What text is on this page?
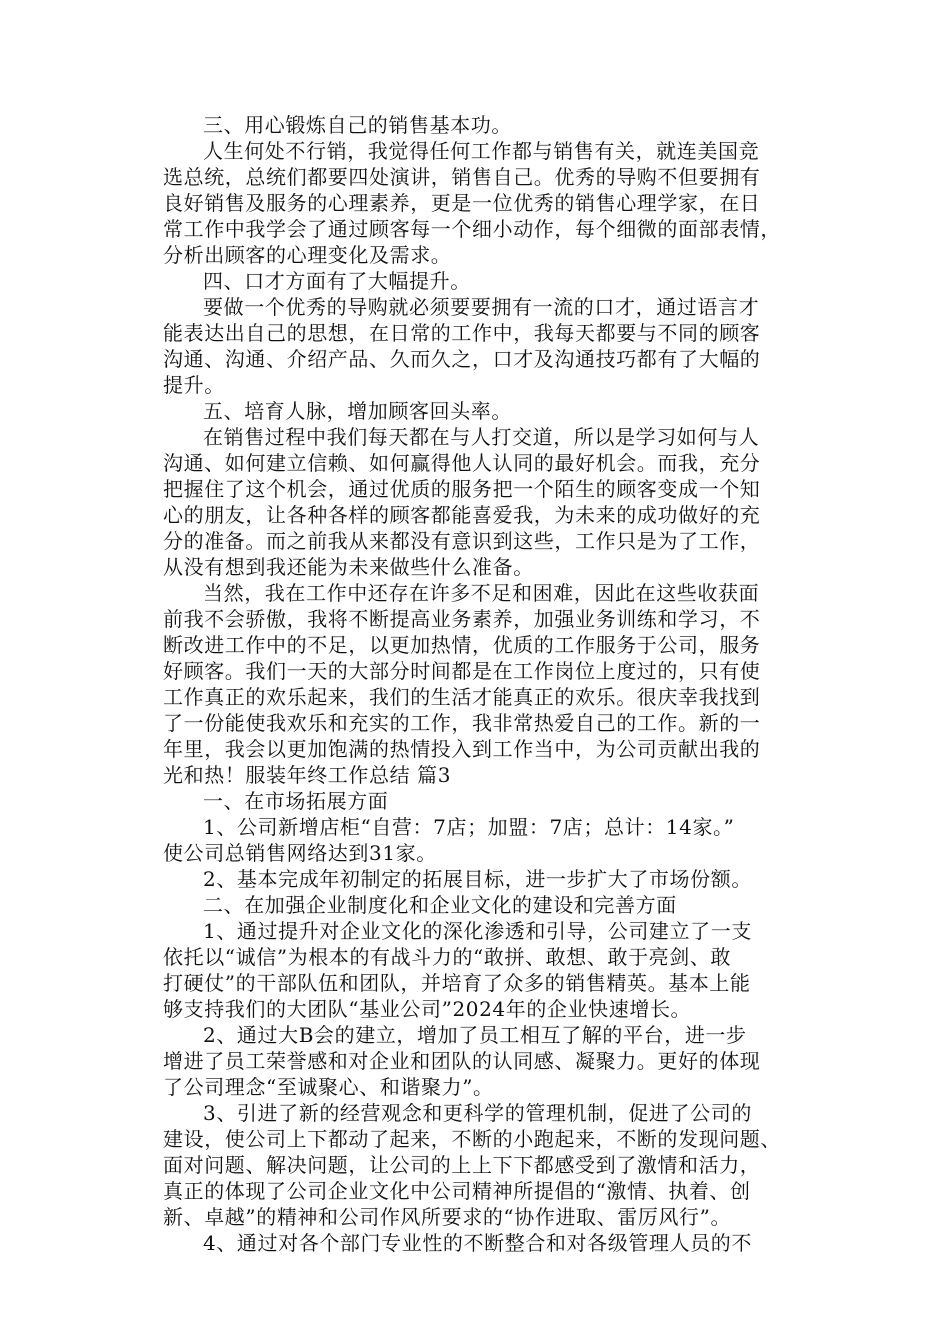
三、用心锻炼自己的销售基本功。
人生何处不行销，我觉得任何工作都与销售有关，就连美国竞
选总统，总统们都要四处演讲，销售自己。优秀的导购不但要拥有
良好销售及服务的心理素养，更是一位优秀的销售心理学家，在日
常工作中我学会了通过顾客每一个细小动作，每个细微的面部表情，
分析出顾客的心理变化及需求。
四、口才方面有了大幅提升。
要做一个优秀的导购就必须要要拥有一流的口才，通过语言才
能表达出自己的思想，在日常的工作中，我每天都要与不同的顾客
沟通、沟通、介绍产品、久而久之，口才及沟通技巧都有了大幅的
提升。
五、培育人脉，增加顾客回头率。
在销售过程中我们每天都在与人打交道，所以是学习如何与人
沟通、如何建立信赖、如何赢得他人认同的最好机会。而我，充分
把握住了这个机会，通过优质的服务把一个陌生的顾客变成一个知
心的朋友，让各种各样的顾客都能喜爱我，为未来的成功做好的充
分的准备。而之前我从来都没有意识到这些，工作只是为了工作，
从没有想到我还能为未来做些什么准备。
当然，我在工作中还存在许多不足和困难，因此在这些收获面
前我不会骄傲，我将不断提高业务素养，加强业务训练和学习，不
断改进工作中的不足，以更加热情，优质的工作服务于公司，服务
好顾客。我们一天的大部分时间都是在工作岗位上度过的，只有使
工作真正的欢乐起来，我们的生活才能真正的欢乐。很庆幸我找到
了一份能使我欢乐和充实的工作，我非常热爱自己的工作。新的一
年里，我会以更加饱满的热情投入到工作当中，为公司贡献出我的
光和热！服装年终工作总结 篇3
一、在市场拓展方面
1、公司新增店柜“自营：7店；加盟：7店；总计：14家。”
使公司总销售网络达到31家。
2、基本完成年初制定的拓展目标，进一步扩大了市场份额。
二、在加强企业制度化和企业文化的建设和完善方面
1、通过提升对企业文化的深化渗透和引导，公司建立了一支
依托以“诚信”为根本的有战斗力的“敢拼、敢想、敢于亮剑、敢
打硬仗”的干部队伍和团队，并培育了众多的销售精英。基本上能
够支持我们的大团队“基业公司”2024年的企业快速增长。
2、通过大B会的建立，增加了员工相互了解的平台，进一步
增进了员工荣誉感和对企业和团队的认同感、凝聚力。更好的体现
了公司理念“至诚聚心、和谐聚力”。
3、引进了新的经营观念和更科学的管理机制，促进了公司的
建设，使公司上下都动了起来，不断的小跑起来，不断的发现问题、
面对问题、解决问题，让公司的上上下下都感受到了激情和活力，
真正的体现了公司企业文化中公司精神所提倡的“激情、执着、创
新、卓越”的精神和公司作风所要求的“协作进取、雷厉风行”。
4、通过对各个部门专业性的不断整合和对各级管理人员的不
